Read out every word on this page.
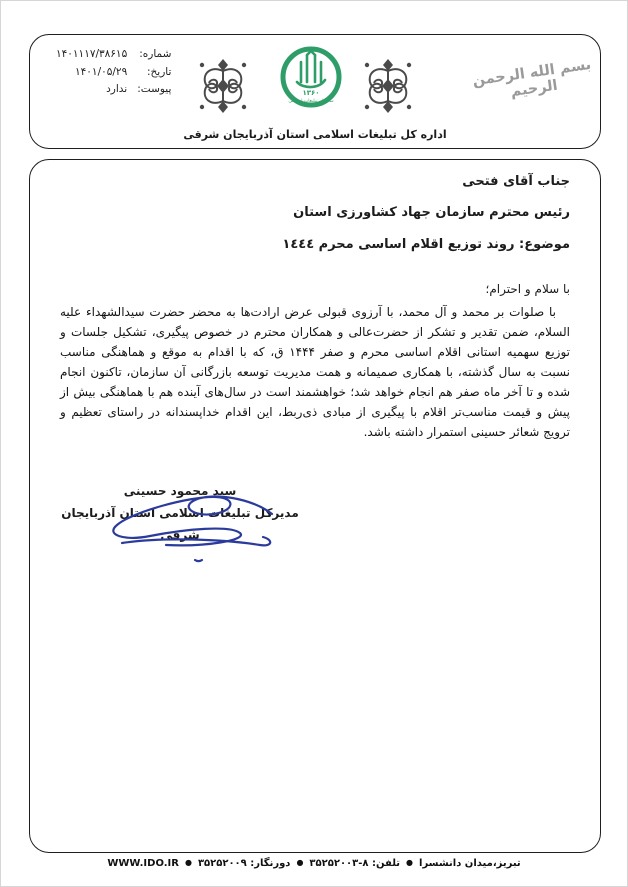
شماره:
۱۴۰۱۱۱۷/۳۸۶۱۵
تاریخ:
۱۴۰۱/۰۵/۲۹
پیوست:
ندارد	۱۳۶۰
سازمان تبلیغات اسلامی
بسم الله الرحمن الرحیم
اداره کل تبلیغات اسلامی استان آذربایجان شرقی
جناب آقای فتحی
رئیس محترم سازمان جهاد کشاورزی استان
موضوع: روند توزیع اقلام اساسی محرم ١٤٤٤
با سلام و احترام؛
با صلوات بر محمد و آل محمد، با آرزوی قبولی عرض ارادت‌ها به محضر حضرت سیدالشهداء علیه السلام، ضمن تقدیر و تشکر از حضرت‌عالی و همکاران محترم در خصوص پیگیری، تشکیل جلسات و توزیع سهمیه استانی اقلام اساسی محرم و صفر ۱۴۴۴ ق، که با اقدام به موقع و هماهنگی مناسب نسبت به سال گذشته، با همکاری صمیمانه و همت مدیریت توسعه بازرگانی آن سازمان، تاکنون انجام شده و تا آخر ماه صفر هم انجام خواهد شد؛ خواهشمند است در سال‌های آینده هم با هماهنگی بیش از پیش و قیمت مناسب‌تر اقلام با پیگیری از مبادی ذی‌ربط، این اقدام خداپسندانه در راستای تعظیم و ترویج شعائر حسینی استمرار داشته باشد.
سید محمود حسینی
مدیرکل تبلیغات اسلامی استان آذربایجان شرقی
تبریز،میدان دانشسرا●تلفن: ۸-۳۵۲۵۲۰۰۳●دورنگار: ۳۵۲۵۲۰۰۹●WWW.IDO.IR
